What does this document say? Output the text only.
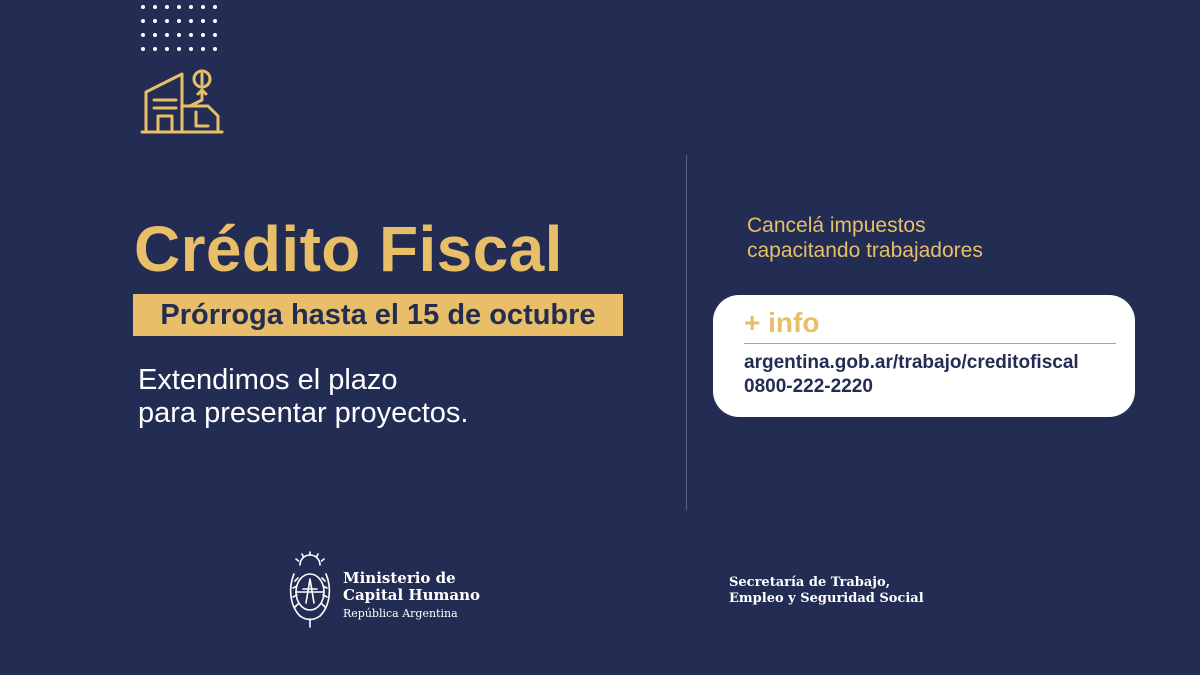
Crédito Fiscal
Prórroga hasta el 15 de octubre
Extendimos el plazo
para presentar proyectos.
Cancelá impuestos
capacitando trabajadores
+ info
argentina.gob.ar/trabajo/creditofiscal
0800-222-2220
Ministerio de
Capital Humano
República Argentina
Secretaría de Trabajo,
Empleo y Seguridad Social
